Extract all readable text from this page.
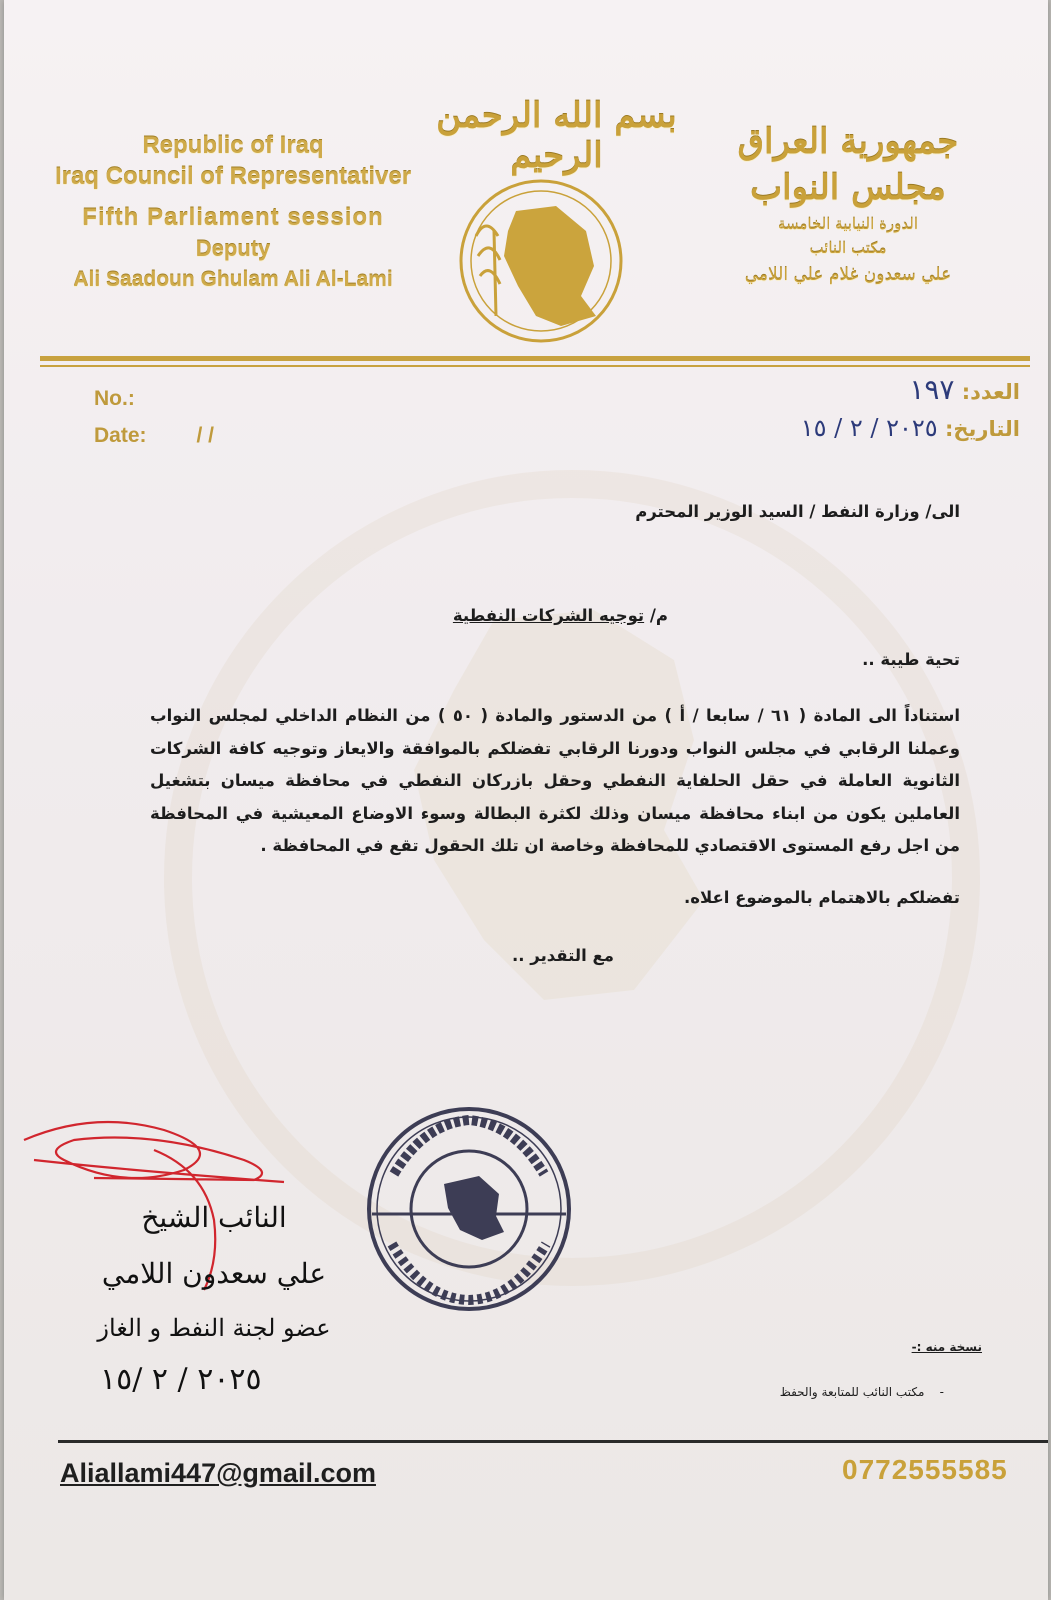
Republic of Iraq
Iraq Council of Representativer
Fifth Parliament session
Deputy
Ali Saadoun Ghulam Ali Al-Lami
بسم الله الرحمن الرحيم	جمهورية العراق
مجلس النواب
الدورة النيابية الخامسة
مكتب النائب
علي سعدون غلام علي اللامي
No.:
Date: / /
العدد: ١٩٧
التاريخ: ٢٠٢٥ / ٢ / ١٥
الى/ وزارة النفط / السيد الوزير المحترم
م/ توجيه الشركات النفطية
تحية طيبة ..
استناداً الى المادة ( ٦١ / سابعا / أ ) من الدستور والمادة ( ٥٠ ) من النظام الداخلي لمجلس النواب وعملنا الرقابي في مجلس النواب ودورنا الرقابي تفضلكم بالموافقة والايعاز وتوجيه كافة الشركات الثانوية العاملة في حقل الحلفاية النفطي وحقل بازركان النفطي في محافظة ميسان بتشغيل العاملين يكون من ابناء محافظة ميسان وذلك لكثرة البطالة وسوء الاوضاع المعيشية في المحافظة من اجل رفع المستوى الاقتصادي للمحافظة وخاصة ان تلك الحقول تقع في المحافظة .
تفضلكم بالاهتمام بالموضوع اعلاه.
مع التقدير ..
النائب الشيخ
علي سعدون اللامي
عضو لجنة النفط و الغاز
٢٠٢٥ / ٢ /١٥
نسخة منه :-
-    مكتب النائب للمتابعة والحفظ
Aliallami447@gmail.com	0772555585
